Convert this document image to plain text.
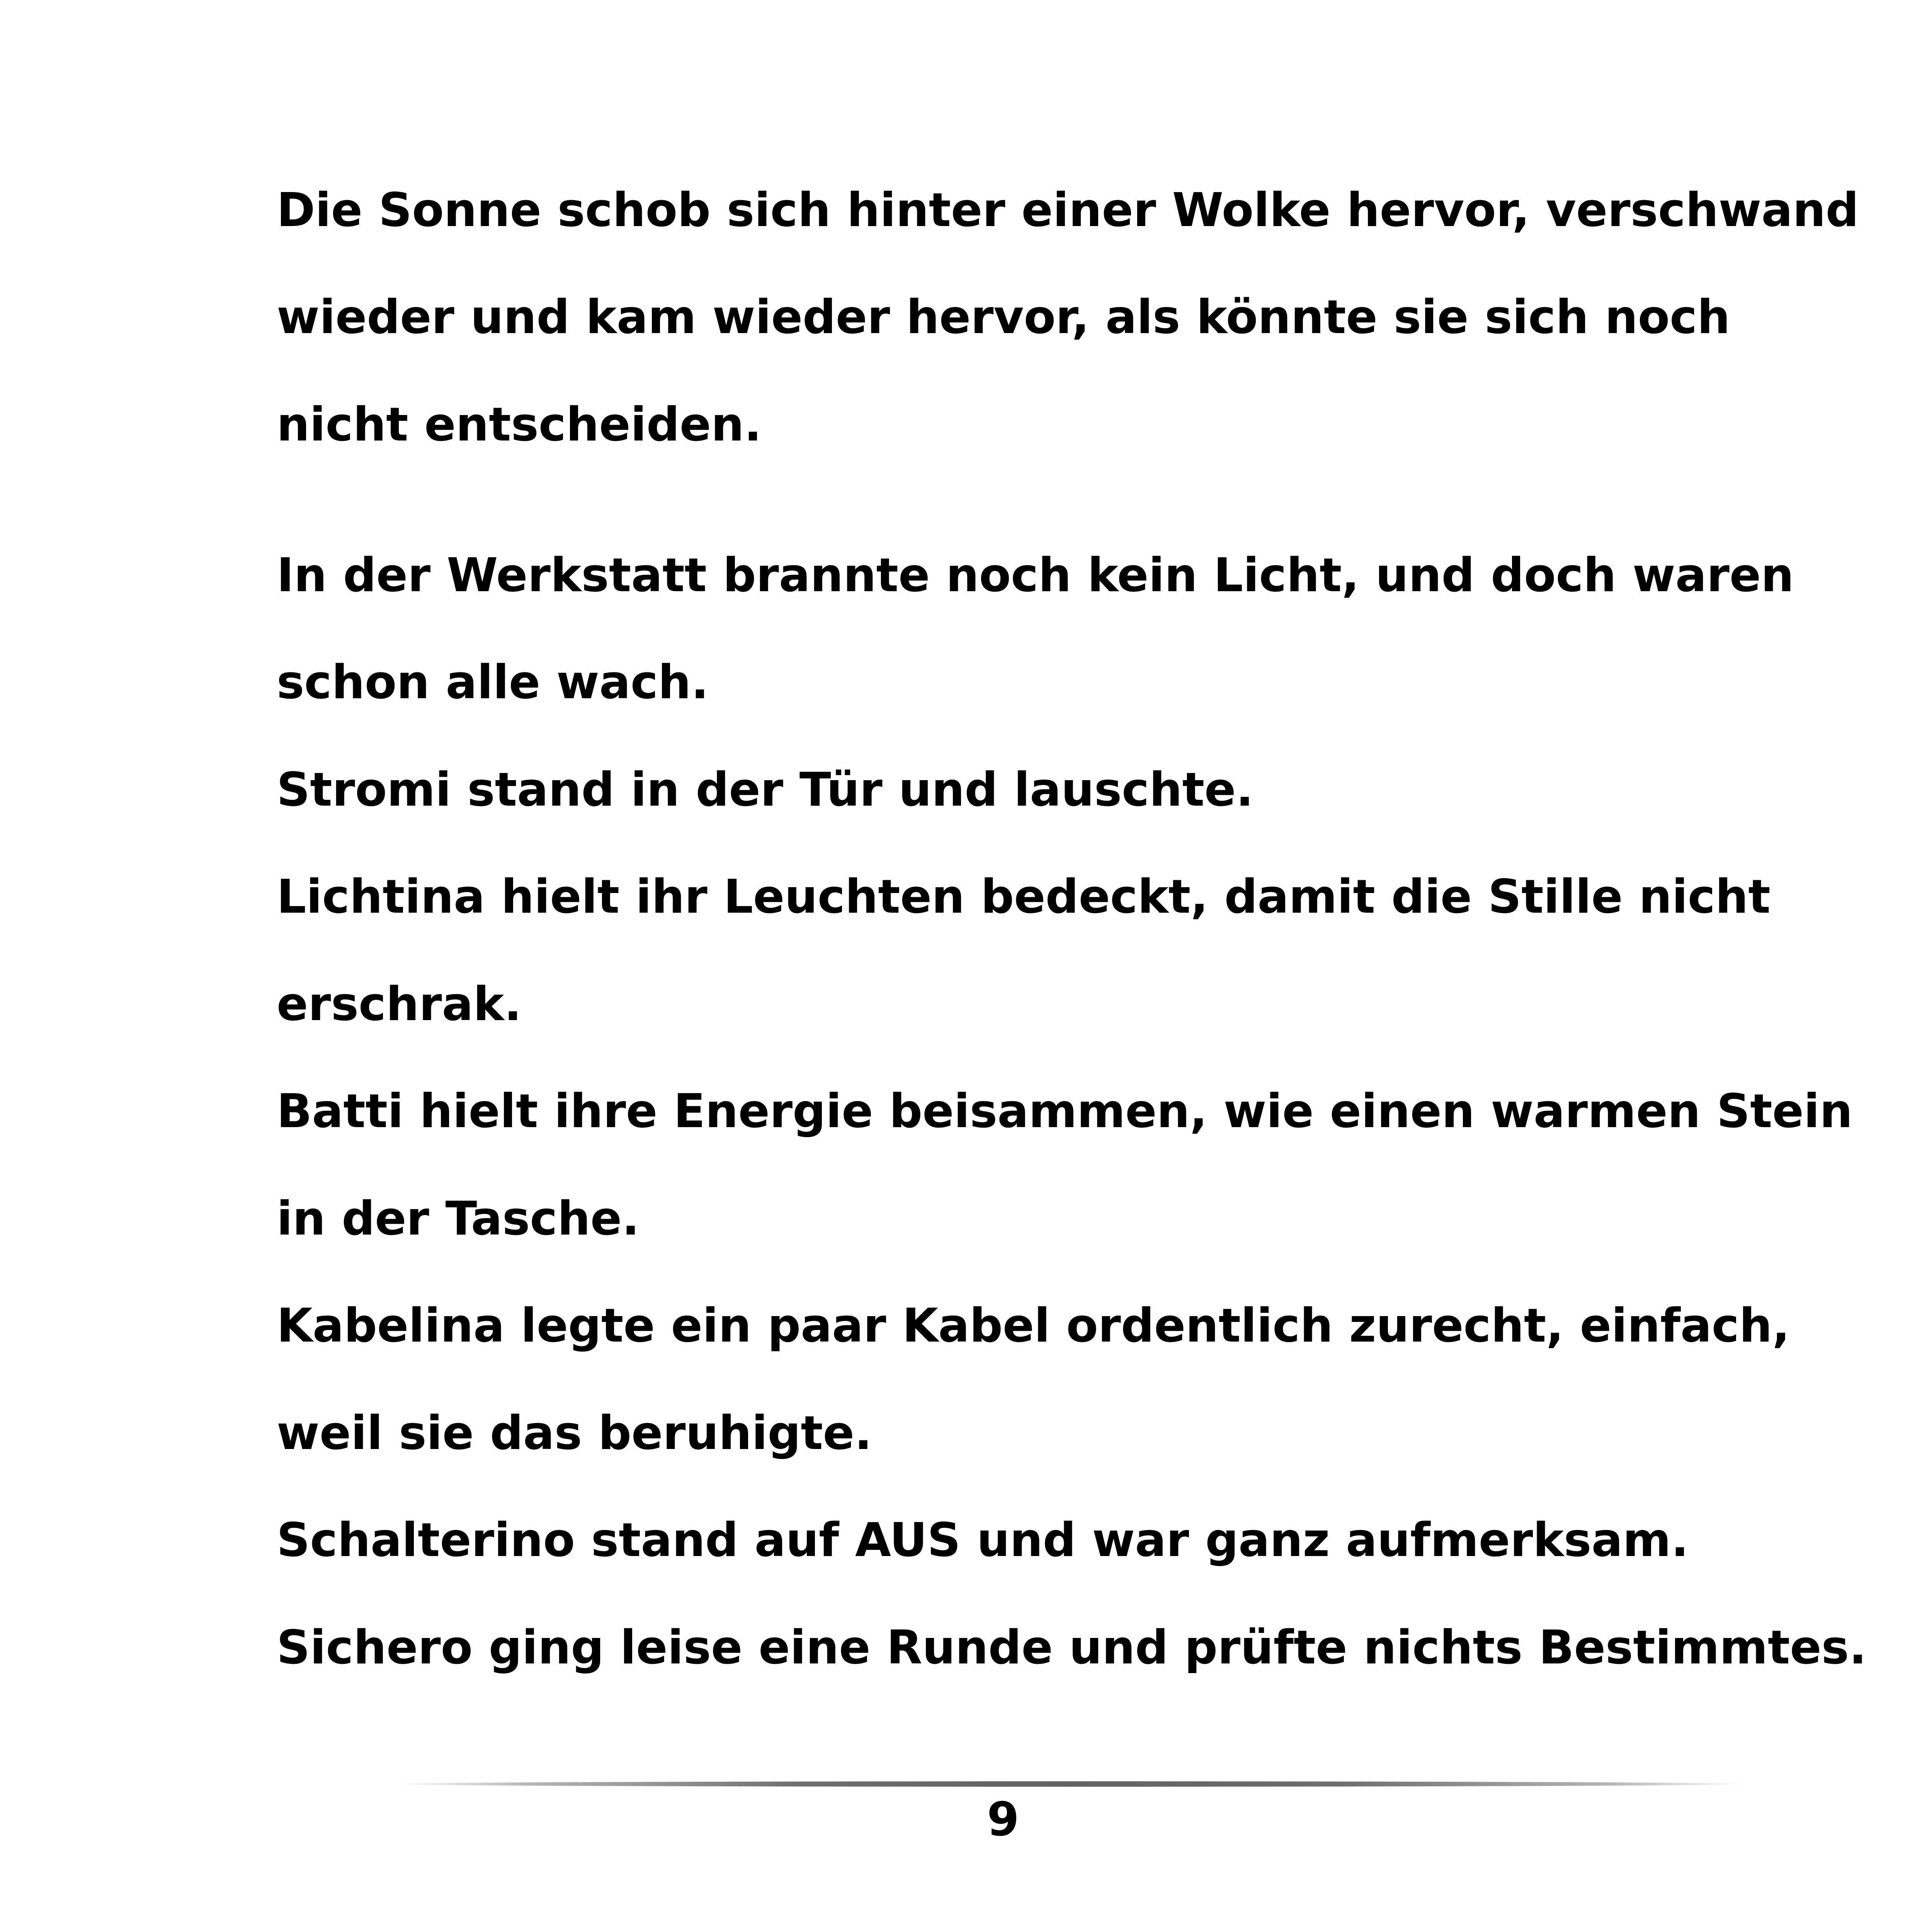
Die Sonne schob sich hinter einer Wolke hervor, verschwand
wieder und kam wieder hervor, als könnte sie sich noch
nicht entscheiden.
In der Werkstatt brannte noch kein Licht, und doch waren
schon alle wach.
Stromi stand in der Tür und lauschte.
Lichtina hielt ihr Leuchten bedeckt, damit die Stille nicht
erschrak.
Batti hielt ihre Energie beisammen, wie einen warmen Stein
in der Tasche.
Kabelina legte ein paar Kabel ordentlich zurecht, einfach,
weil sie das beruhigte.
Schalterino stand auf AUS und war ganz aufmerksam.
Sichero ging leise eine Runde und prüfte nichts Bestimmtes.
9
